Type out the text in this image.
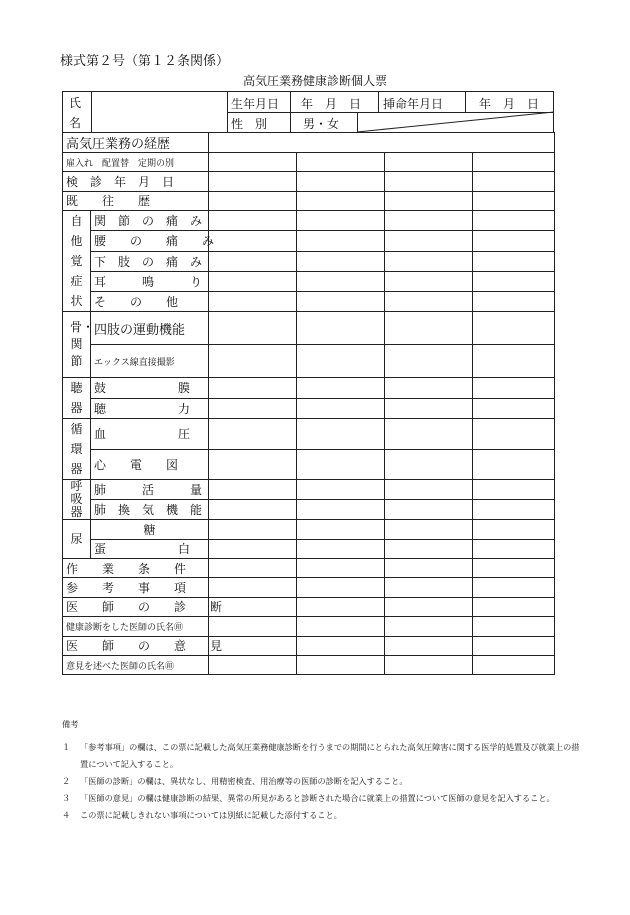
様式第２号（第１２条関係）
高気圧業務健康診断個人票
氏
名
生年月日 年　月　日 挿命年月日	年　月　日
性　別	男・女
高気圧業務の経歴					
雇入れ　配置替　定期の別					
検　診　年　月　日					
既　　往　　歴					
自他覚症状	関　節　の　痛　み				
	腰　　の　　痛　　み				
	下　肢　の　痛　み				
	耳　　　鳴　　　り				
	そ　　の　　他				
骨・関節	四肢の運動機能				
	エックス線直接撮影				
聴器	鼓　　　　　　膜				
	聴　　　　　　力				
循環器	血　　　　　　圧				
	心　　電　　図				
呼吸器	肺　　　活　　　量				
	肺　換　気　機　能				
尿	糖				
	蛋　　　　　　白				
作　　業　　条　　件					
参　　考　　事　　項					
医　　師　　の　　診　　断					
健康診断をした医師の氏名㊞					
医　　師　　の　　意　　見					
意見を述べた医師の氏名㊞					
備考
１ 「参考事項」の欄は、この票に記載した高気圧業務健康診断を行うまでの期間にとられた高気圧障害に関する医学的処置及び就業上の措置について記入すること。
２ 「医師の診断」の欄は、異状なし、用精密検査、用治療等の医師の診断を記入すること。
３ 「医師の意見」の欄は健康診断の結果、異常の所見があると診断された場合に就業上の措置について医師の意見を記入すること。
４ この票に記載しきれない事項については別紙に記載した添付すること。
